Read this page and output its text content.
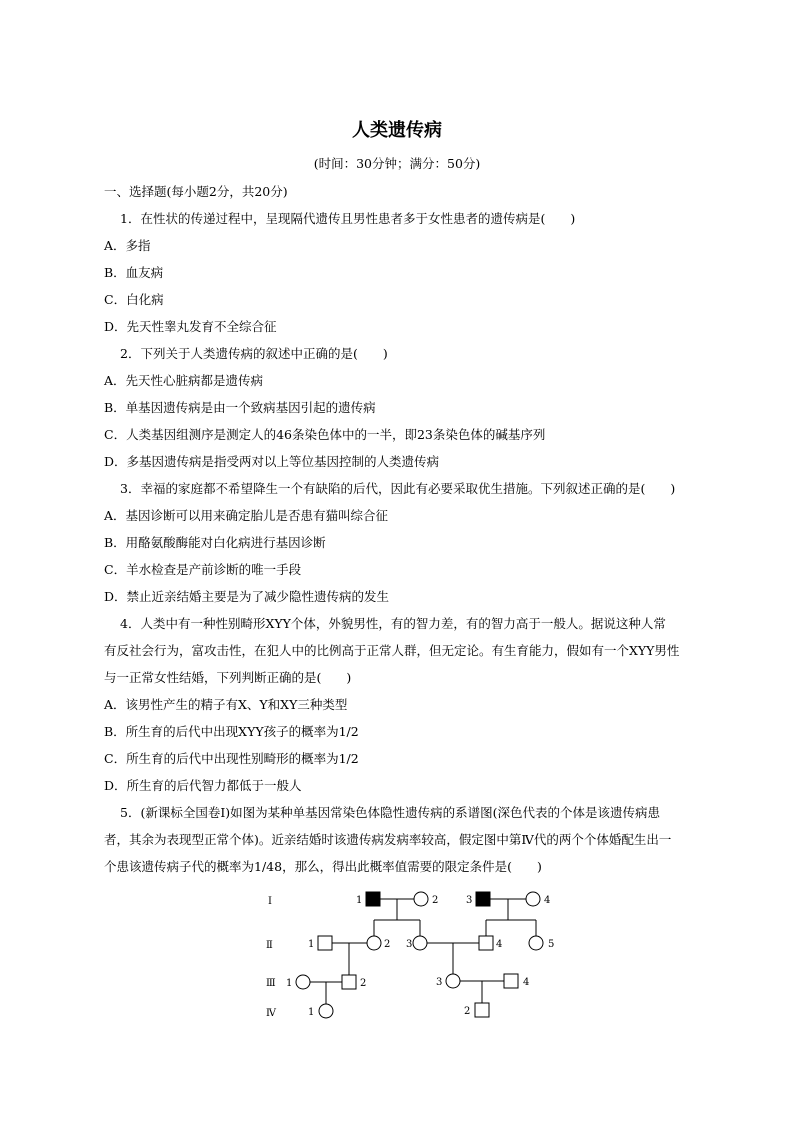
人类遗传病
(时间：30分钟；满分：50分)
一、选择题(每小题2分，共20分)
1．在性状的传递过程中，呈现隔代遗传且男性患者多于女性患者的遗传病是(　　)
A．多指
B．血友病
C．白化病
D．先天性睾丸发育不全综合征
2．下列关于人类遗传病的叙述中正确的是(　　)
A．先天性心脏病都是遗传病
B．单基因遗传病是由一个致病基因引起的遗传病
C．人类基因组测序是测定人的46条染色体中的一半，即23条染色体的碱基序列
D．多基因遗传病是指受两对以上等位基因控制的人类遗传病
3．幸福的家庭都不希望降生一个有缺陷的后代，因此有必要采取优生措施。下列叙述正确的是(　　)
A．基因诊断可以用来确定胎儿是否患有猫叫综合征
B．用酪氨酸酶能对白化病进行基因诊断
C．羊水检查是产前诊断的唯一手段
D．禁止近亲结婚主要是为了减少隐性遗传病的发生
4．人类中有一种性别畸形XYY个体，外貌男性，有的智力差，有的智力高于一般人。据说这种人常
有反社会行为，富攻击性，在犯人中的比例高于正常人群，但无定论。有生育能力，假如有一个XYY男性
与一正常女性结婚，下列判断正确的是(　　)
A．该男性产生的精子有X、Y和XY三种类型
B．所生育的后代中出现XYY孩子的概率为1/2
C．所生育的后代中出现性别畸形的概率为1/2
D．所生育的后代智力都低于一般人
5．(新课标全国卷Ⅰ)如图为某种单基因常染色体隐性遗传病的系谱图(深色代表的个体是该遗传病患
者，其余为表现型正常个体)。近亲结婚时该遗传病发病率较高，假定图中第Ⅳ代的两个个体婚配生出一
个患该遗传病子代的概率为1/48，那么，得出此概率值需要的限定条件是(　　)
Ⅰ
Ⅱ
Ⅲ
Ⅳ
1	2	3	4
1	2 3	4	5
1	2	3	4
1	2
